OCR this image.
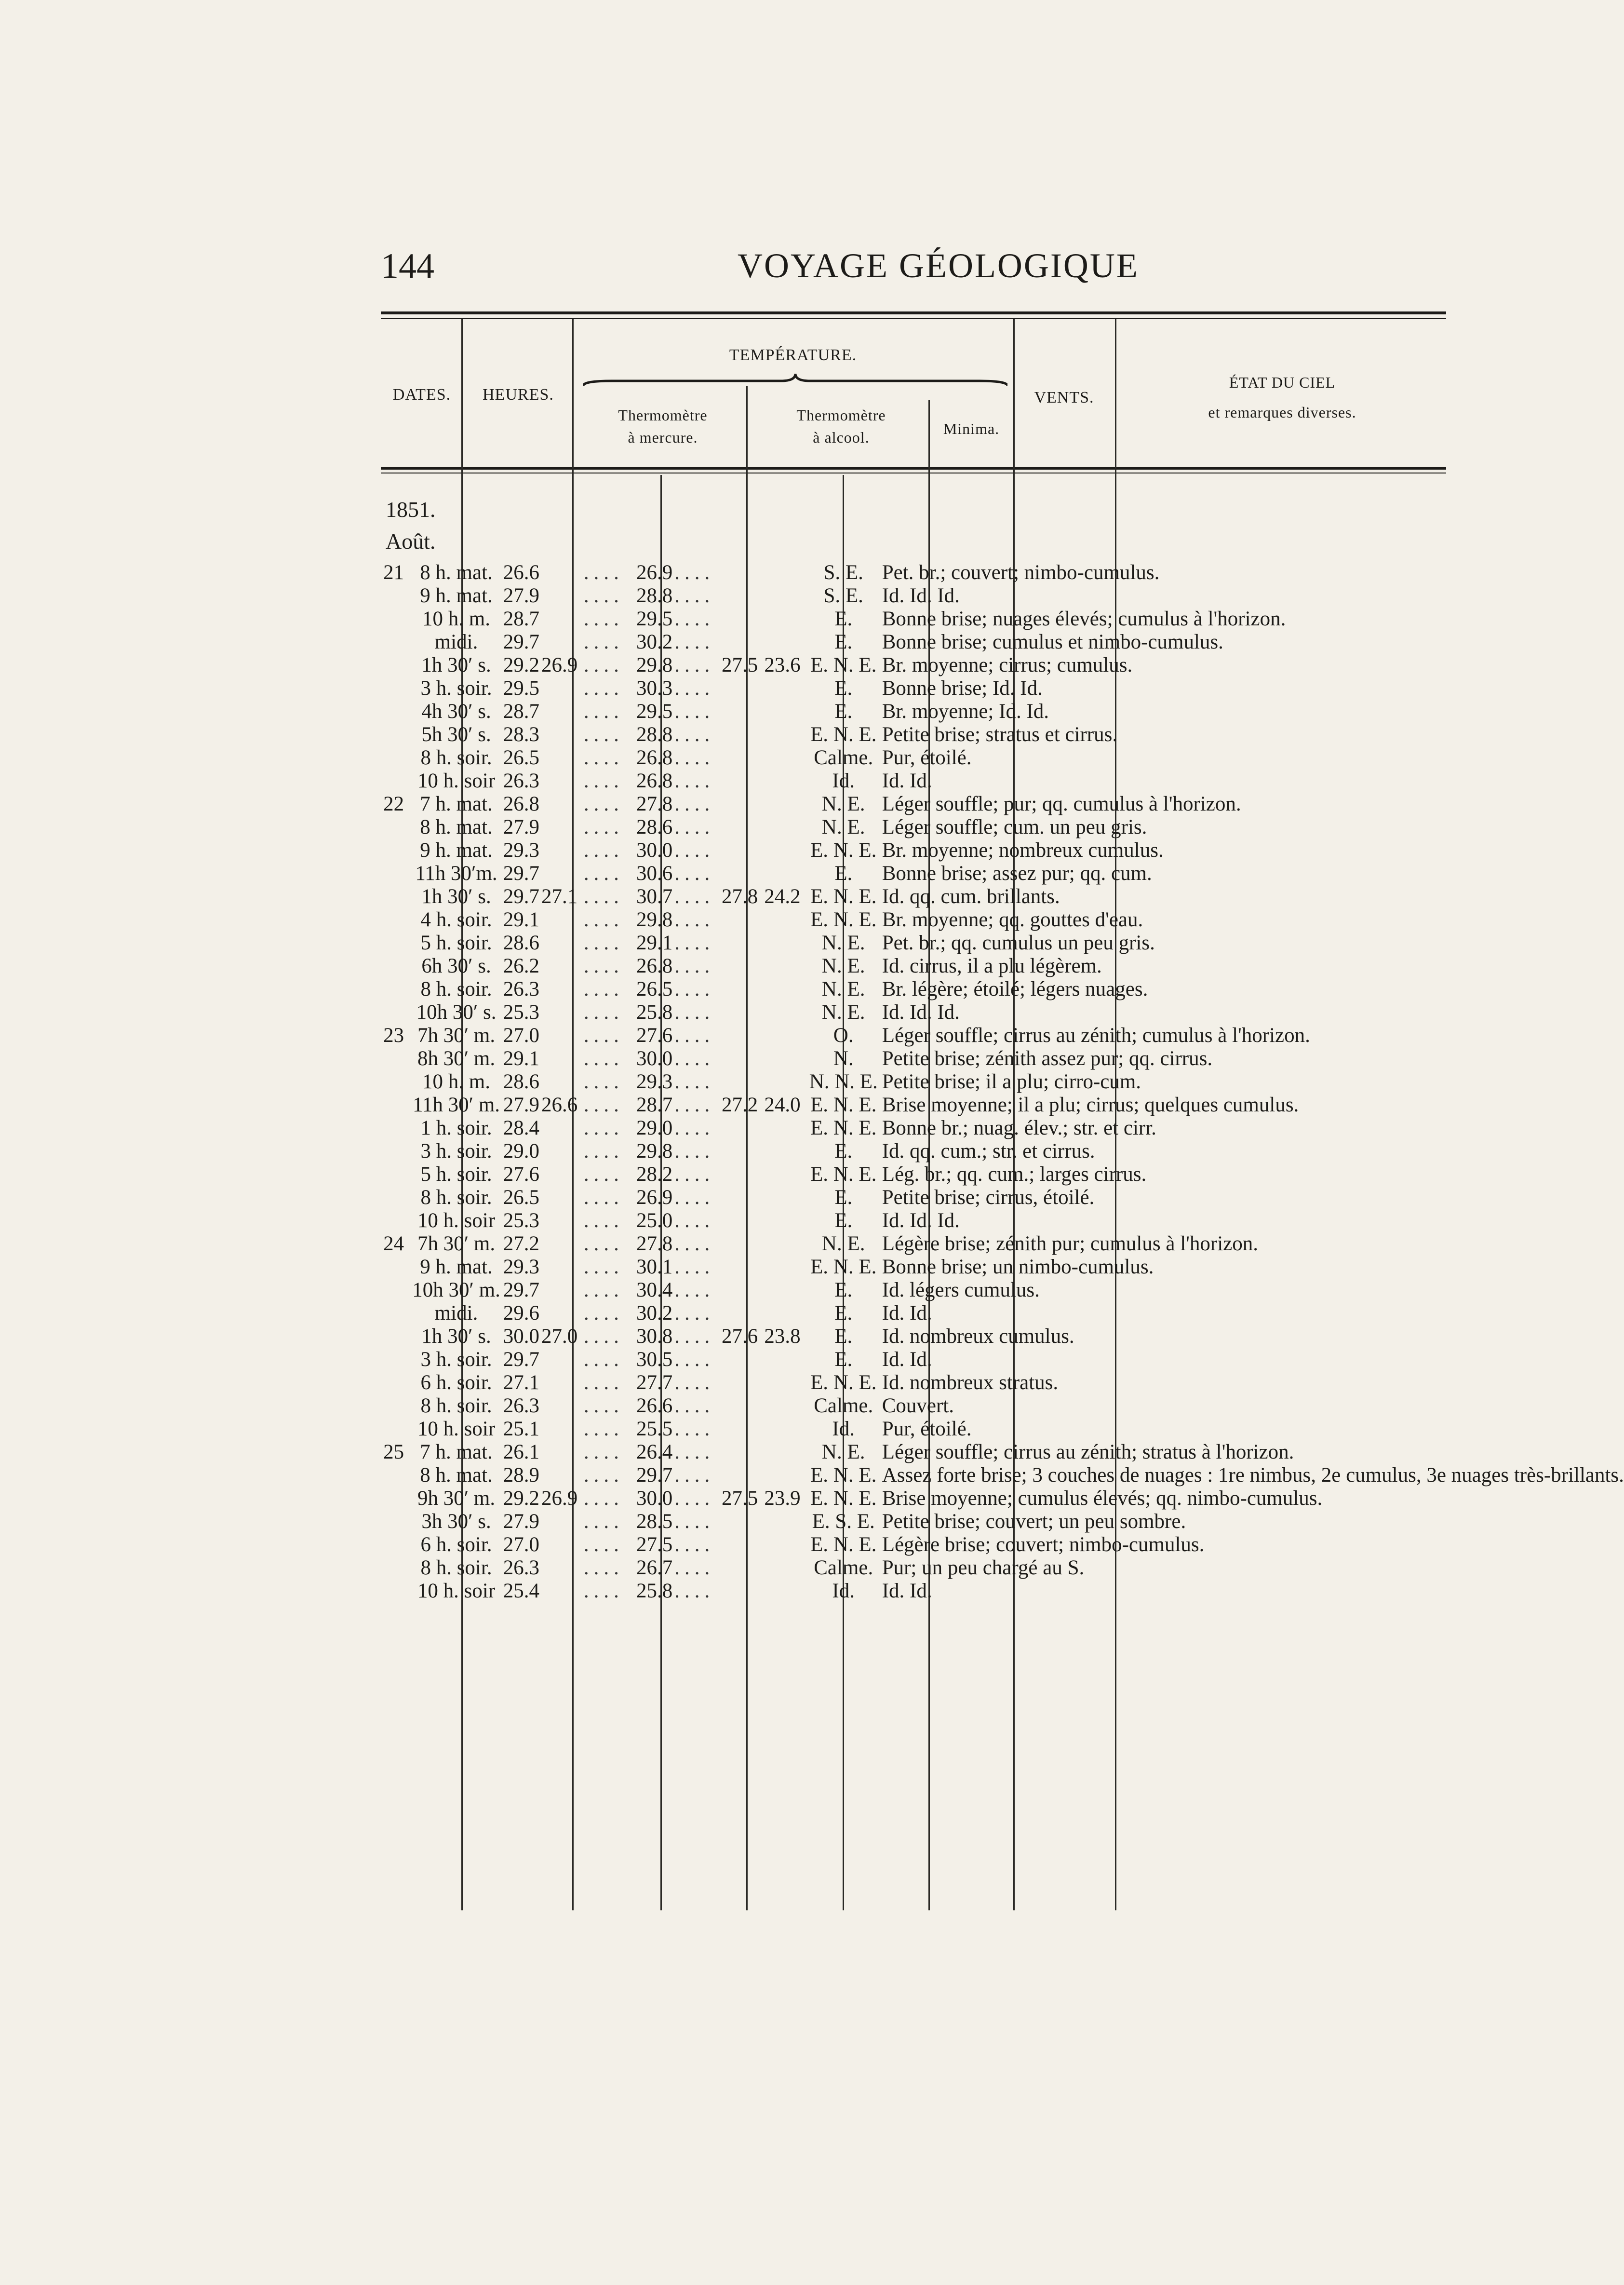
144	VOYAGE GÉOLOGIQUE
DATES.	HEURES.
TEMPÉRATURE.
Thermomètre
à mercure.
Thermomètre
à alcool.	Minima.
VENTS.
ÉTAT DU CIEL
et remarques diverses.
1851.
Août.
21	8 h. mat.	26.6		....	26.9	....			S. E.	Pet. br.; couvert; nimbo-cumulus.
	9 h. mat.	27.9		....	28.8	....			S. E.	Id. Id. Id.
	10 h. m.	28.7		....	29.5	....			E.	Bonne brise; nuages élevés; cumulus à l'horizon.
	midi.	29.7		....	30.2	....			E.	Bonne brise; cumulus et nimbo-cumulus.
	1h 30′ s.	29.2	26.9	....	29.8	....	27.5	23.6	E. N. E.	Br. moyenne; cirrus; cumulus.
	3 h. soir.	29.5		....	30.3	....			E.	Bonne brise; Id. Id.
	4h 30′ s.	28.7		....	29.5	....			E.	Br. moyenne; Id. Id.
	5h 30′ s.	28.3		....	28.8	....			E. N. E.	Petite brise; stratus et cirrus.
	8 h. soir.	26.5		....	26.8	....			Calme.	Pur, étoilé.
	10 h. soir	26.3		....	26.8	....			Id.	Id. Id.
22	7 h. mat.	26.8		....	27.8	....			N. E.	Léger souffle; pur; qq. cumulus à l'horizon.
	8 h. mat.	27.9		....	28.6	....			N. E.	Léger souffle; cum. un peu gris.
	9 h. mat.	29.3		....	30.0	....			E. N. E.	Br. moyenne; nombreux cumulus.
	11h 30′m.	29.7		....	30.6	....			E.	Bonne brise; assez pur; qq. cum.
	1h 30′ s.	29.7	27.1	....	30.7	....	27.8	24.2	E. N. E.	Id. qq. cum. brillants.
	4 h. soir.	29.1		....	29.8	....			E. N. E.	Br. moyenne; qq. gouttes d'eau.
	5 h. soir.	28.6		....	29.1	....			N. E.	Pet. br.; qq. cumulus un peu gris.
	6h 30′ s.	26.2		....	26.8	....			N. E.	Id. cirrus, il a plu légèrem.
	8 h. soir.	26.3		....	26.5	....			N. E.	Br. légère; étoilé; légers nuages.
	10h 30′ s.	25.3		....	25.8	....			N. E.	Id. Id. Id.
23	7h 30′ m.	27.0		....	27.6	....			O.	Léger souffle; cirrus au zénith; cumulus à l'horizon.
	8h 30′ m.	29.1		....	30.0	....			N.	Petite brise; zénith assez pur; qq. cirrus.
	10 h. m.	28.6		....	29.3	....			N. N. E.	Petite brise; il a plu; cirro-cum.
	11h 30′ m.	27.9	26.6	....	28.7	....	27.2	24.0	E. N. E.	Brise moyenne; il a plu; cirrus; quelques cumulus.
	1 h. soir.	28.4		....	29.0	....			E. N. E.	Bonne br.; nuag. élev.; str. et cirr.
	3 h. soir.	29.0		....	29.8	....			E.	Id. qq. cum.; str. et cirrus.
	5 h. soir.	27.6		....	28.2	....			E. N. E.	Lég. br.; qq. cum.; larges cirrus.
	8 h. soir.	26.5		....	26.9	....			E.	Petite brise; cirrus, étoilé.
	10 h. soir	25.3		....	25.0	....			E.	Id. Id. Id.
24	7h 30′ m.	27.2		....	27.8	....			N. E.	Légère brise; zénith pur; cumulus à l'horizon.
	9 h. mat.	29.3		....	30.1	....			E. N. E.	Bonne brise; un nimbo-cumulus.
	10h 30′ m.	29.7		....	30.4	....			E.	Id. légers cumulus.
	midi.	29.6		....	30.2	....			E.	Id. Id.
	1h 30′ s.	30.0	27.0	....	30.8	....	27.6	23.8	E.	Id. nombreux cumulus.
	3 h. soir.	29.7		....	30.5	....			E.	Id. Id.
	6 h. soir.	27.1		....	27.7	....			E. N. E.	Id. nombreux stratus.
	8 h. soir.	26.3		....	26.6	....			Calme.	Couvert.
	10 h. soir	25.1		....	25.5	....			Id.	Pur, étoilé.
25	7 h. mat.	26.1		....	26.4	....			N. E.	Léger souffle; cirrus au zénith; stratus à l'horizon.
	8 h. mat.	28.9		....	29.7	....			E. N. E.	Assez forte brise; 3 couches de nuages : 1re nimbus, 2e cumulus, 3e nuages très-brillants.
	9h 30′ m.	29.2	26.9	....	30.0	....	27.5	23.9	E. N. E.	Brise moyenne; cumulus élevés; qq. nimbo-cumulus.
	3h 30′ s.	27.9		....	28.5	....			E. S. E.	Petite brise; couvert; un peu sombre.
	6 h. soir.	27.0		....	27.5	....			E. N. E.	Légère brise; couvert; nimbo-cumulus.
	8 h. soir.	26.3		....	26.7	....			Calme.	Pur; un peu chargé au S.
	10 h. soir	25.4		....	25.8	....			Id.	Id. Id.
